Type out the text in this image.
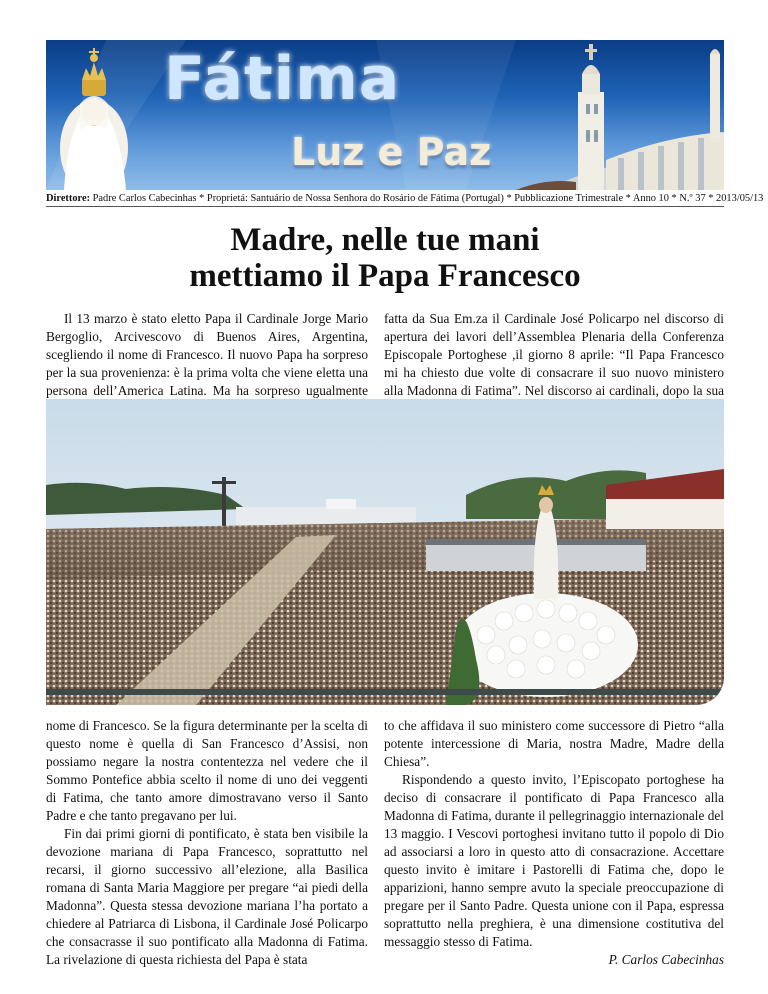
Fátima
Luz e Paz
Direttore: Padre Carlos Cabecinhas * Proprietá: Santuário de Nossa Senhora do Rosário de Fátima (Portugal) * Pubblicazione Trimestrale * Anno 10 * N.º 37 * 2013/05/13
Madre, nelle tue mani
mettiamo il Papa Francesco

Il 13 marzo è stato eletto Papa il Cardinale Jorge Mario Bergoglio, Arcivescovo di Buenos Aires, Argentina, scegliendo il nome di Francesco. Il nuovo Papa ha sorpreso per la sua provenienza: è la prima volta che viene eletta una persona dell’America Latina. Ma ha sorpreso ugualmente

fatta da Sua Em.za il Cardinale José Policarpo nel discorso di apertura dei lavori dell’Assemblea Plenaria della Conferenza Episcopale Portoghese ,il giorno 8 aprile: “Il Papa Francesco mi ha chiesto due volte di consacrare il suo nuovo ministero alla Madonna di Fatima”. Nel discorso ai cardinali, dopo la sua

nome di Francesco. Se la figura determinante per la scelta di questo nome è quella di San Francesco d’Assisi, non possiamo negare la nostra contentezza nel vedere che il Sommo Pontefice abbia scelto il nome di uno dei veggenti di Fatima, che tanto amore dimostravano verso il Santo Padre e che tanto pregavano per lui.

Fin dai primi giorni di pontificato, è stata ben visibile la devozione mariana di Papa Francesco, soprattutto nel recarsi, il giorno successivo all’elezione, alla Basilica romana di Santa Maria Maggiore per pregare “ai piedi della Madonna”. Questa stessa devozione mariana l’ha portato a chiedere al Patriarca di Lisbona, il Cardinale José Policarpo che consacrasse il suo pontificato alla Madonna di Fatima. La rivelazione di questa richiesta del Papa è stata

to che affidava il suo ministero come successore di Pietro “alla potente intercessione di Maria, nostra Madre, Madre della Chiesa”.

Rispondendo a questo invito, l’Episcopato portoghese ha deciso di consacrare il pontificato di Papa Francesco alla Madonna di Fatima, durante il pellegrinaggio internazionale del 13 maggio. I Vescovi portoghesi invitano tutto il popolo di Dio ad associarsi a loro in questo atto di consacrazione. Accettare questo invito è imitare i Pastorelli di Fatima che, dopo le apparizioni, hanno sempre avuto la speciale preoccupazione di pregare per il Santo Padre. Questa unione con il Papa, espressa soprattutto nella preghiera, è una dimensione costitutiva del messaggio stesso di Fatima.

P. Carlos Cabecinhas
